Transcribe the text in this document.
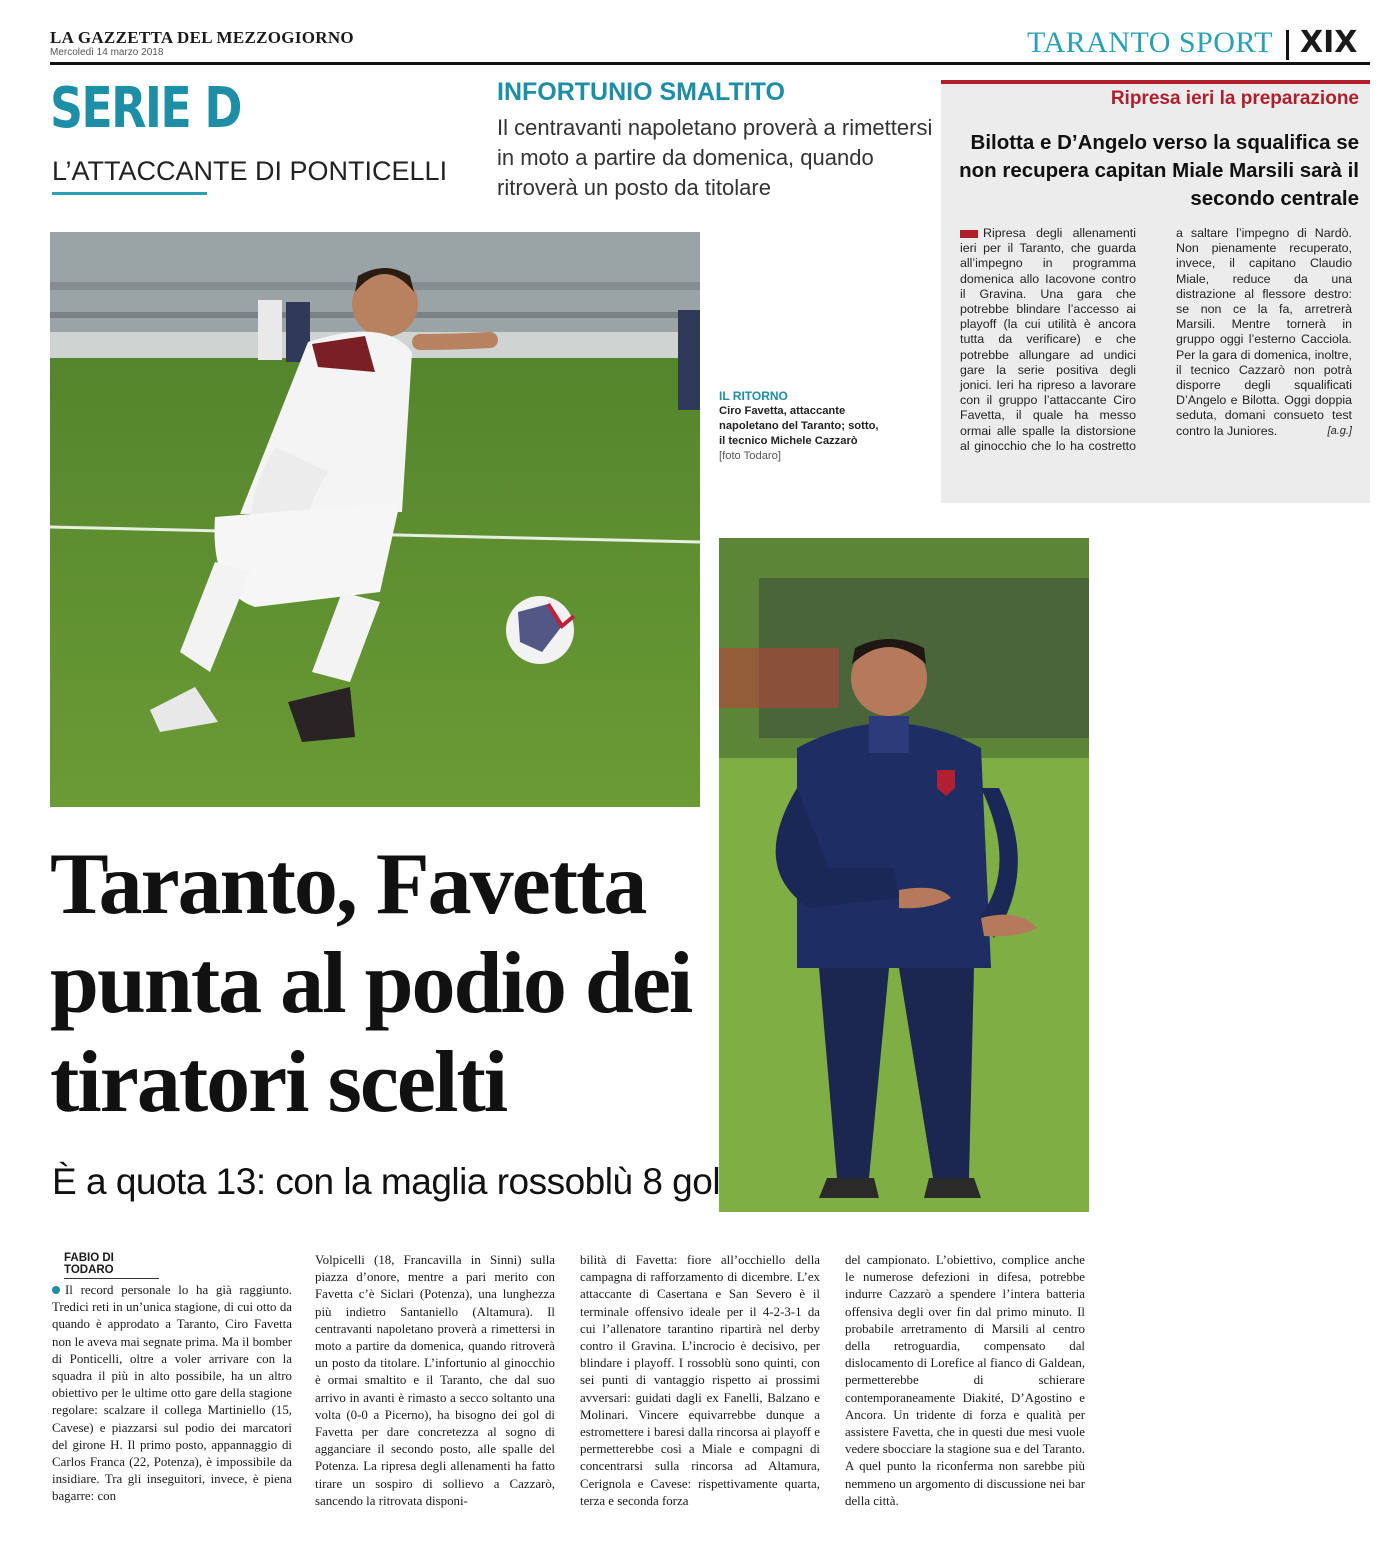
LA GAZZETTA DEL MEZZOGIORNO
Mercoledì 14 marzo 2018	TARANTO SPORT XIX
SERIE D
L’ATTACCANTE DI PONTICELLI
INFORTUNIO SMALTITO
Il centravanti napoletano proverà a rimettersi in moto a partire da domenica, quando ritroverà un posto da titolare
Ripresa ieri la preparazione
Bilotta e D’Angelo verso la squalifica se non recupera capitan Miale Marsili sarà il secondo centrale
Ripresa degli allenamenti ieri per il Taranto, che guarda all’impegno in programma domenica allo Iacovone contro il Gravina. Una gara che potrebbe blindare l’accesso ai playoff (la cui utilità è ancora tutta da verificare) e che potrebbe allungare ad undici gare la serie positiva degli jonici. Ieri ha ripreso a lavorare con il gruppo l’attaccante Ciro Favetta, il quale ha messo ormai alle spalle la distorsione al ginocchio che lo ha costretto a saltare l’impegno di Nardò. Non pienamente recuperato, invece, il capitano Claudio Miale, reduce da una distrazione al flessore destro: se non ce la fa, arretrerà Marsili. Mentre tornerà in gruppo oggi l’esterno Cacciola. Per la gara di domenica, inoltre, il tecnico Cazzarò non potrà disporre degli squalificati D’Angelo e Bilotta. Oggi doppia seduta, domani consueto test contro la Juniores.	[a.g.]
IL RITORNO
Ciro Favetta, attaccante napoletano del Taranto; sotto, il tecnico Michele Cazzarò
[foto Todaro]
Taranto, Favetta punta al podio dei tiratori scelti
È a quota 13: con la maglia rossoblù 8 gol
FABIO DI TODARO
Il record personale lo ha già raggiunto. Tredici reti in un’unica stagione, di cui otto da quando è approdato a Taranto, Ciro Favetta non le aveva mai segnate prima. Ma il bomber di Ponticelli, oltre a voler arrivare con la squadra il più in alto possibile, ha un altro obiettivo per le ultime otto gare della stagione regolare: scalzare il collega Martiniello (15, Cavese) e piazzarsi sul podio dei marcatori del girone H. Il primo posto, appannaggio di Carlos Franca (22, Potenza), è impossibile da insidiare. Tra gli inseguitori, invece, è piena bagarre: con
Volpicelli (18, Francavilla in Sinni) sulla piazza d’onore, mentre a pari merito con Favetta c’è Siclari (Potenza), una lunghezza più indietro Santaniello (Altamura). Il centravanti napoletano proverà a rimettersi in moto a partire da domenica, quando ritroverà un posto da titolare. L’infortunio al ginocchio è ormai smaltito e il Taranto, che dal suo arrivo in avanti è rimasto a secco soltanto una volta (0-0 a Picerno), ha bisogno dei gol di Favetta per dare concretezza al sogno di agganciare il secondo posto, alle spalle del Potenza. La ripresa degli allenamenti ha fatto tirare un sospiro di sollievo a Cazzarò, sancendo la ritrovata disponi-
bilità di Favetta: fiore all’occhiello della campagna di rafforzamento di dicembre. L’ex attaccante di Casertana e San Severo è il terminale offensivo ideale per il 4-2-3-1 da cui l’allenatore tarantino ripartirà nel derby contro il Gravina. L’incrocio è decisivo, per blindare i playoff. I rossoblù sono quinti, con sei punti di vantaggio rispetto ai prossimi avversari: guidati dagli ex Fanelli, Balzano e Molinari. Vincere equivarrebbe dunque a estromettere i baresi dalla rincorsa ai playoff e permetterebbe così a Miale e compagni di concentrarsi sulla rincorsa ad Altamura, Cerignola e Cavese: rispettivamente quarta, terza e seconda forza
del campionato. L’obiettivo, complice anche le numerose defezioni in difesa, potrebbe indurre Cazzarò a spendere l’intera batteria offensiva degli over fin dal primo minuto. Il probabile arretramento di Marsili al centro della retroguardia, compensato dal dislocamento di Lorefice al fianco di Galdean, permetterebbe di schierare contemporaneamente Diakité, D’Agostino e Ancora. Un tridente di forza e qualità per assistere Favetta, che in questi due mesi vuole vedere sbocciare la stagione sua e del Taranto. A quel punto la riconferma non sarebbe più nemmeno un argomento di discussione nei bar della città.
